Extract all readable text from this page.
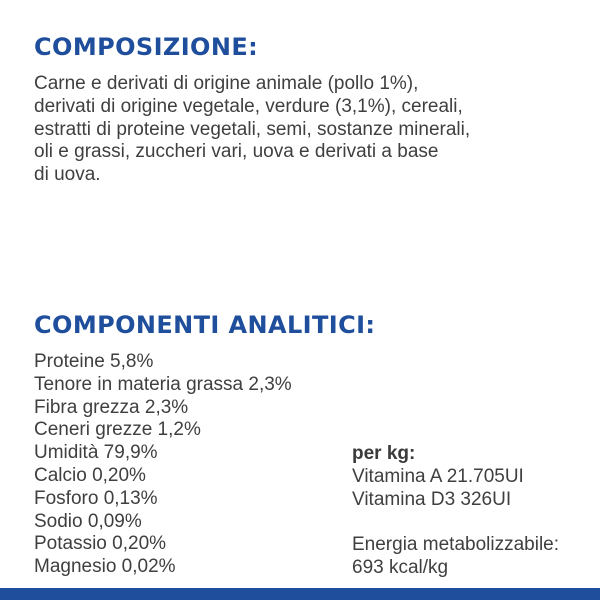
COMPOSIZIONE:
Carne e derivati di origine animale (pollo 1%),
derivati di origine vegetale, verdure (3,1%), cereali,
estratti di proteine vegetali, semi, sostanze minerali,
oli e grassi, zuccheri vari, uova e derivati a base
di uova.
COMPONENTI ANALITICI:
Proteine 5,8%
Tenore in materia grassa 2,3%
Fibra grezza 2,3%
Ceneri grezze 1,2%
Umidità 79,9%
Calcio 0,20%
Fosforo 0,13%
Sodio 0,09%
Potassio 0,20%
Magnesio 0,02%
per kg:
Vitamina A 21.705UI
Vitamina D3 326UI
Energia metabolizzabile:
693 kcal/kg
